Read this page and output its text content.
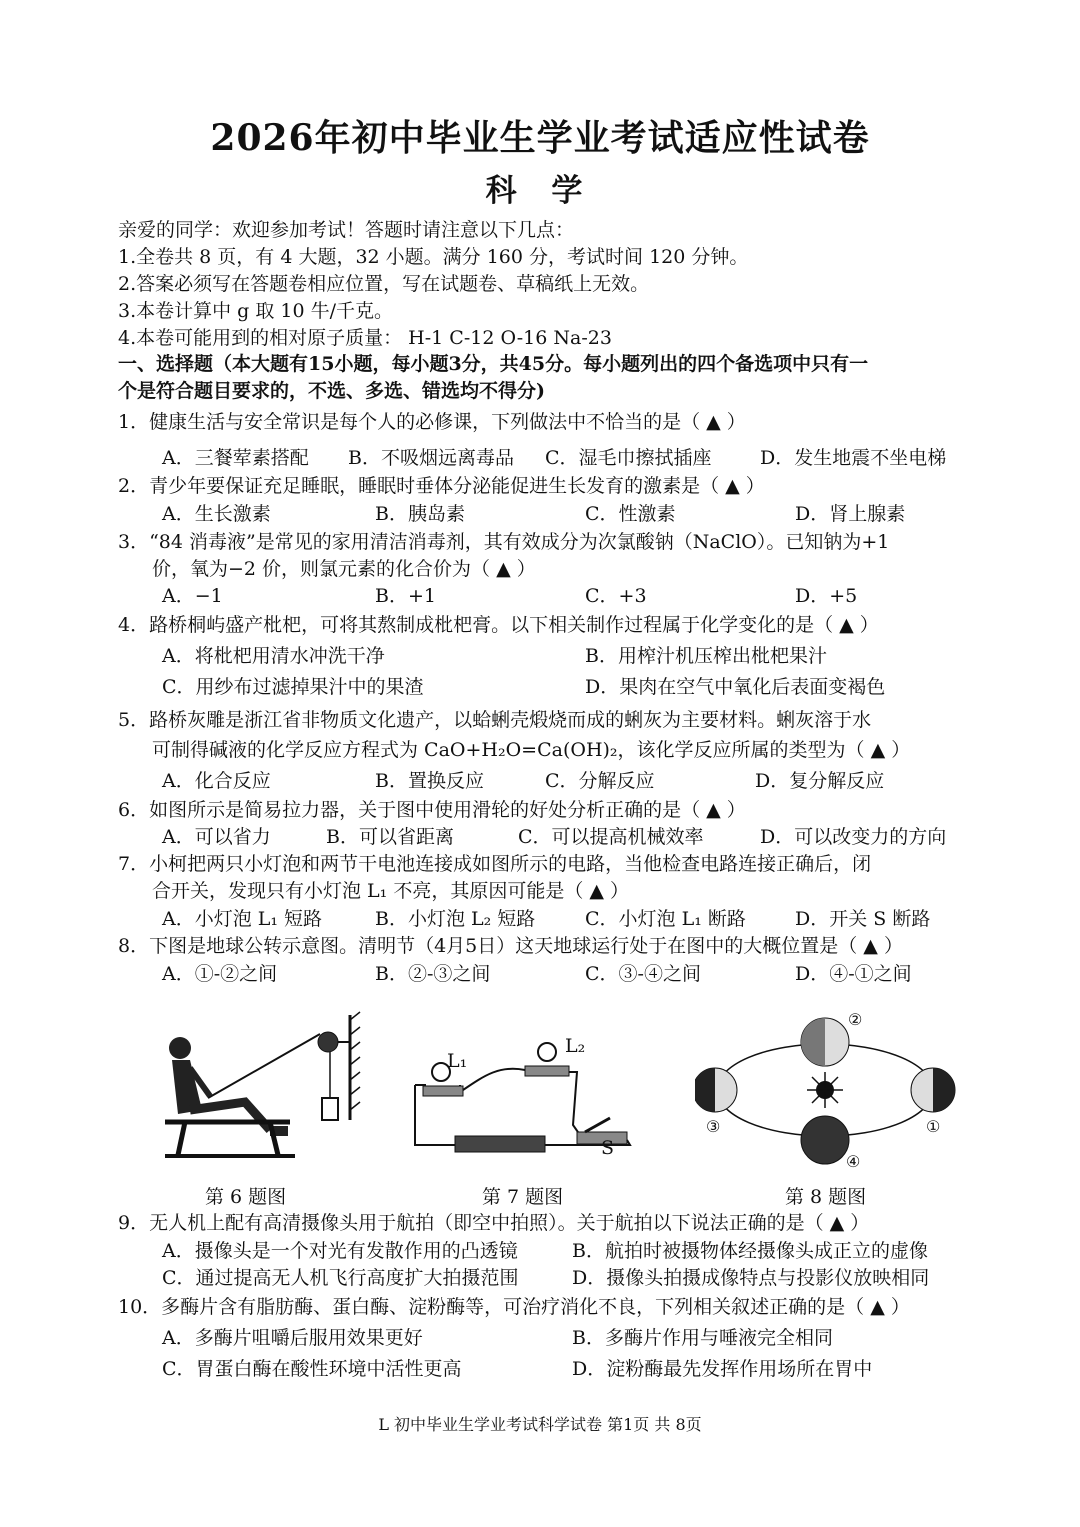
2026年初中毕业生学业考试适应性试卷
科 学
亲爱的同学：欢迎参加考试！答题时请注意以下几点：
1.全卷共 8 页，有 4 大题，32 小题。满分 160 分，考试时间 120 分钟。
2.答案必须写在答题卷相应位置，写在试题卷、草稿纸上无效。
3.本卷计算中 g 取 10 牛/千克。
4.本卷可能用到的相对原子质量： H-1 C-12 O-16 Na-23
一、选择题（本大题有15小题，每小题3分，共45分。每小题列出的四个备选项中只有一
个是符合题目要求的，不选、多选、错选均不得分)
1．健康生活与安全常识是每个人的必修课，下列做法中不恰当的是（ ▲ ）
A．三餐荤素搭配 B．不吸烟远离毒品 C．湿毛巾擦拭插座	D．发生地震不坐电梯
2．青少年要保证充足睡眠，睡眠时垂体分泌能促进生长发育的激素是（ ▲ ）
A．生长激素	B．胰岛素	C．性激素	D．肾上腺素
3．“84 消毒液”是常见的家用清洁消毒剂，其有效成分为次氯酸钠（NaClO）。已知钠为+1
价，氧为−2 价，则氯元素的化合价为（ ▲ ）
A．−1	B．+1	C．+3	D．+5
4．路桥桐屿盛产枇杷，可将其熬制成枇杷膏。以下相关制作过程属于化学变化的是（ ▲ ）
A．将枇杷用清水冲洗干净	B．用榨汁机压榨出枇杷果汁
C．用纱布过滤掉果汁中的果渣	D．果肉在空气中氧化后表面变褐色
5．路桥灰雕是浙江省非物质文化遗产，以蛤蜊壳煅烧而成的蜊灰为主要材料。蜊灰溶于水
可制得碱液的化学反应方程式为 CaO+H₂O=Ca(OH)₂，该化学反应所属的类型为（ ▲ ）
A．化合反应	B．置换反应	C．分解反应	D．复分解反应
6．如图所示是简易拉力器，关于图中使用滑轮的好处分析正确的是（ ▲ ）
A．可以省力	B．可以省距离	C．可以提高机械效率	D．可以改变力的方向
7．小柯把两只小灯泡和两节干电池连接成如图所示的电路，当他检查电路连接正确后，闭
合开关，发现只有小灯泡 L₁ 不亮，其原因可能是（ ▲ ）
A．小灯泡 L₁ 短路	B．小灯泡 L₂ 短路	C．小灯泡 L₁ 断路	D．开关 S 断路
8．下图是地球公转示意图。清明节（4月5日）这天地球运行处于在图中的大概位置是（ ▲ ）
A．①-②之间	B．②-③之间	C．③-④之间	D．④-①之间
第 6 题图
L₁
L₂
S
第 7 题图
②
③	①
④
第 8 题图
9．无人机上配有高清摄像头用于航拍（即空中拍照）。关于航拍以下说法正确的是（ ▲ ）
A．摄像头是一个对光有发散作用的凸透镜	B．航拍时被摄物体经摄像头成正立的虚像
C．通过提高无人机飞行高度扩大拍摄范围	D．摄像头拍摄成像特点与投影仪放映相同
10．多酶片含有脂肪酶、蛋白酶、淀粉酶等，可治疗消化不良，下列相关叙述正确的是（ ▲ ）
A．多酶片咀嚼后服用效果更好	B．多酶片作用与唾液完全相同
C．胃蛋白酶在酸性环境中活性更高	D．淀粉酶最先发挥作用场所在胃中
L 初中毕业生学业考试科学试卷 第1页 共 8页
